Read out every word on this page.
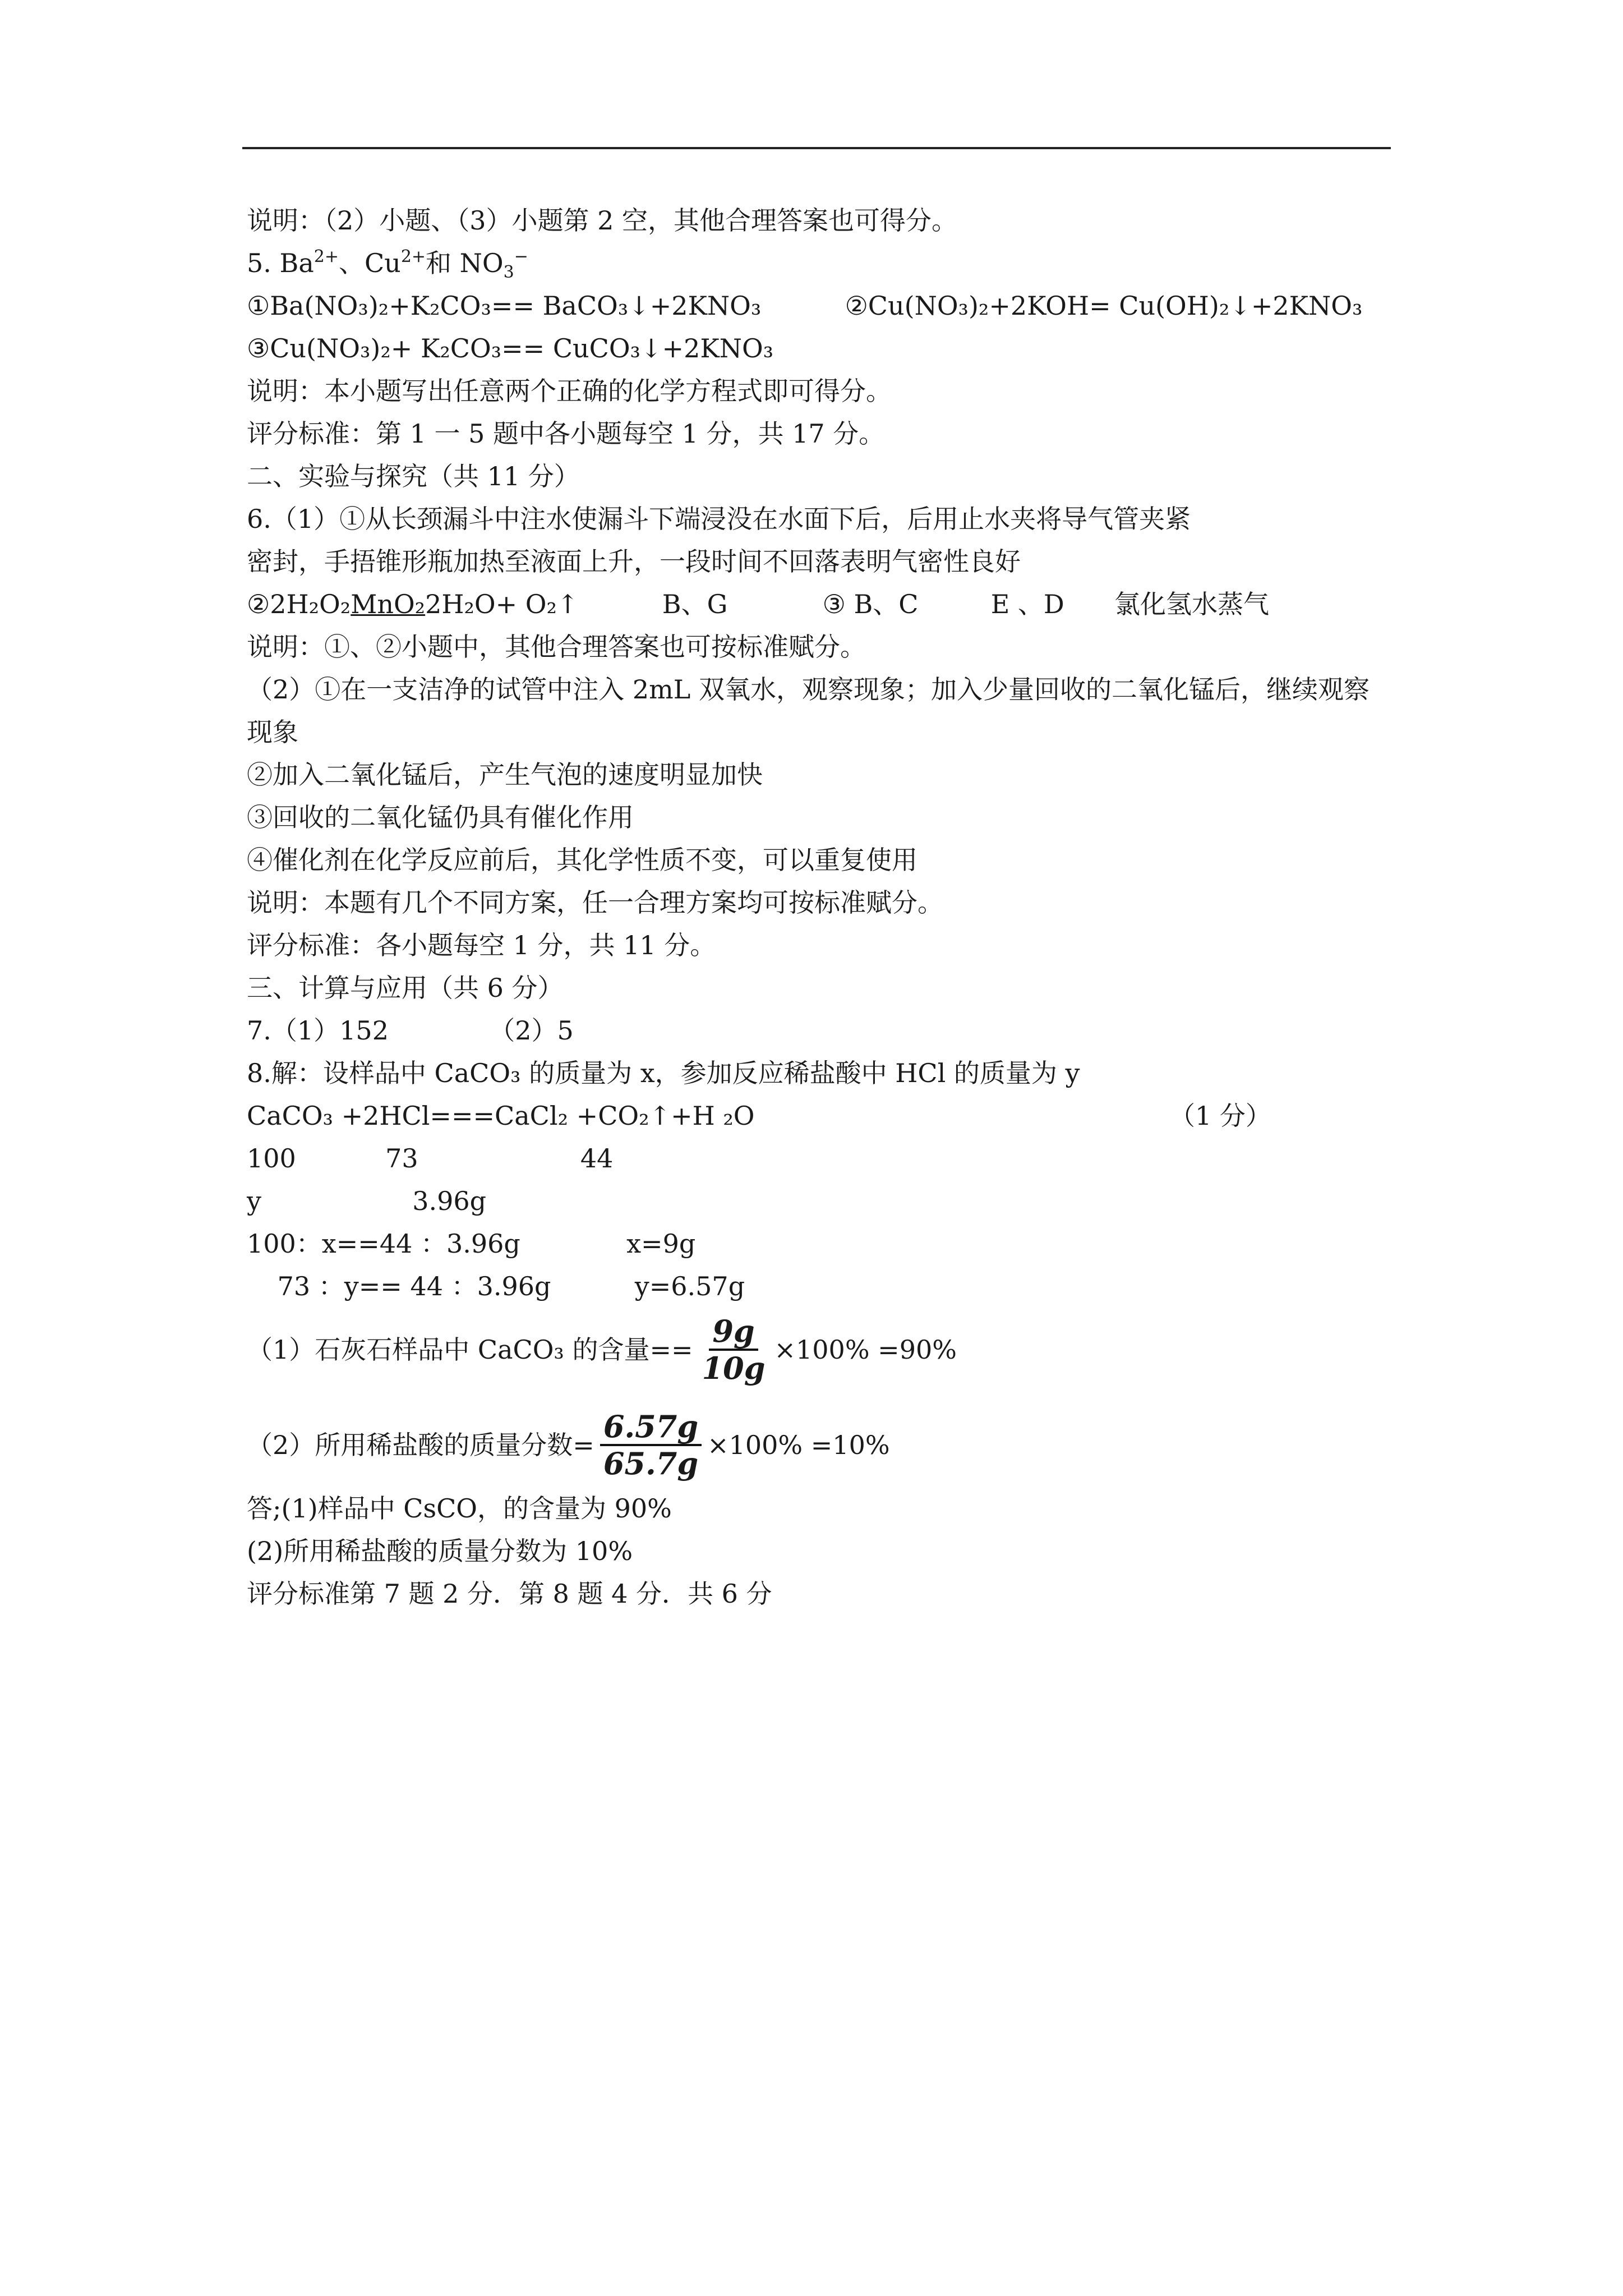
说明：（2）小题、（3）小题第 2 空，其他合理答案也可得分。
5. $Ba^{2+}$、$Cu^{2+}$和 $NO_3^-$
①Ba(NO₃)₂+K₂CO₃== BaCO₃↓+2KNO₃	②Cu(NO₃)₂+2KOH= Cu(OH)₂↓+2KNO₃
③Cu(NO₃)₂+ K₂CO₃== CuCO₃↓+2KNO₃
说明：本小题写出任意两个正确的化学方程式即可得分。
评分标准：第 1 一 5 题中各小题每空 1 分，共 17 分。
二、实验与探究（共 11 分）
6.（1）①从长颈漏斗中注水使漏斗下端浸没在水面下后，后用止水夹将导气管夹紧
密封，手捂锥形瓶加热至液面上升，一段时间不回落表明气密性良好
②2H₂O₂MnO₂2H₂O+ O₂↑	B、G	③ B、C	E 、D 氯化氢水蒸气
说明：①、②小题中，其他合理答案也可按标准赋分。
（2）①在一支洁净的试管中注入 2mL 双氧水，观察现象；加入少量回收的二氧化锰后，继续观察现象
②加入二氧化锰后，产生气泡的速度明显加快
③回收的二氧化锰仍具有催化作用
④催化剂在化学反应前后，其化学性质不变，可以重复使用
说明：本题有几个不同方案，任一合理方案均可按标准赋分。
评分标准：各小题每空 1 分，共 11 分。
三、计算与应用（共 6 分）
7.（1）152	（2）5
8.解：设样品中 CaCO₃ 的质量为 x，参加反应稀盐酸中 HCl 的质量为 y
CaCO₃ +2HCl===CaCl₂ +CO₂↑+H ₂O	（1 分）
100	73	44
y	3.96g
100：x==44 ：3.96g	x=9g
73 ：y== 44 ：3.96g	y=6.57g
（1）石灰石样品中 CaCO₃ 的含量== $\frac{9g}{10g} \times 100\% =90\%$
（2）所用稀盐酸的质量分数= $\frac{6.57g}{65.7g} \times 100\% =10\%$
答;(1)样品中 CsCO，的含量为 90%
(2)所用稀盐酸的质量分数为 10%
评分标准第 7 题 2 分．第 8 题 4 分．共 6 分
